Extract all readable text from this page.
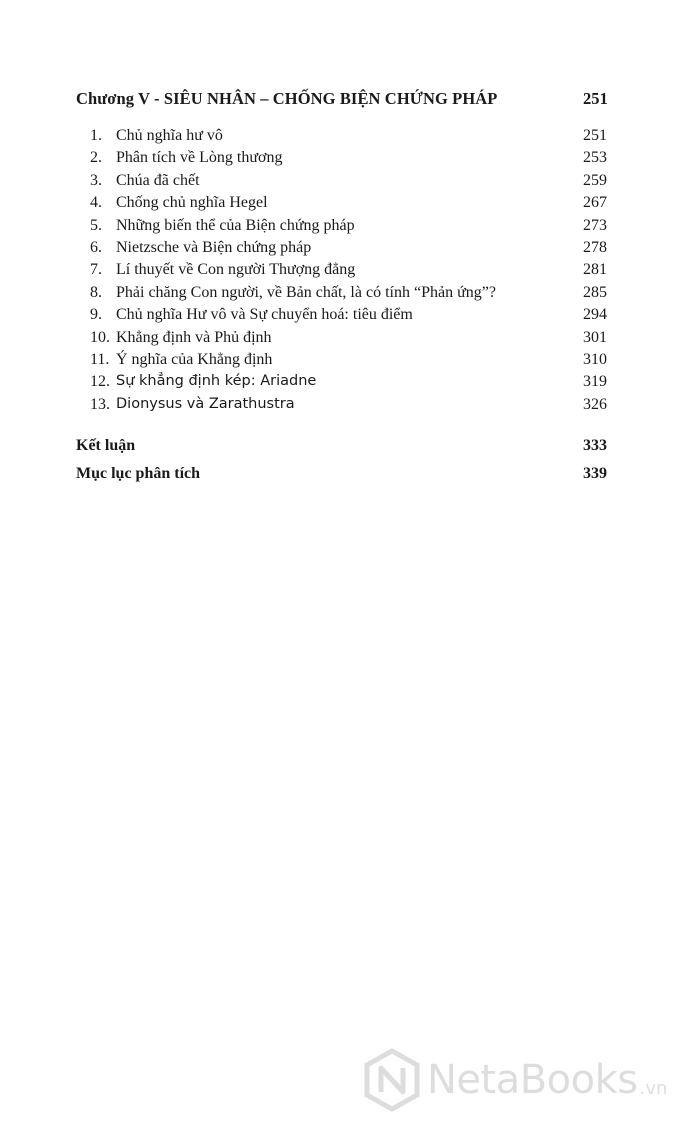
Chương V - SIÊU NHÂN – CHỐNG BIỆN CHỨNG PHÁP	251
1. Chủ nghĩa hư vô	251
2. Phân tích về Lòng thương	253
3. Chúa đã chết	259
4. Chống chủ nghĩa Hegel	267
5. Những biến thể của Biện chứng pháp	273
6. Nietzsche và Biện chứng pháp	278
7. Lí thuyết về Con người Thượng đẳng	281
8. Phải chăng Con người, về Bản chất, là có tính “Phản ứng”?	285
9. Chủ nghĩa Hư vô và Sự chuyển hoá: tiêu điểm	294
10. Khẳng định và Phủ định	301
11. Ý nghĩa của Khẳng định	310
12. Sự khẳng định kép: Ariadne	319
13. Dionysus và Zarathustra	326
Kết luận	333
Mục lục phân tích	339
NetaBooks .vn
